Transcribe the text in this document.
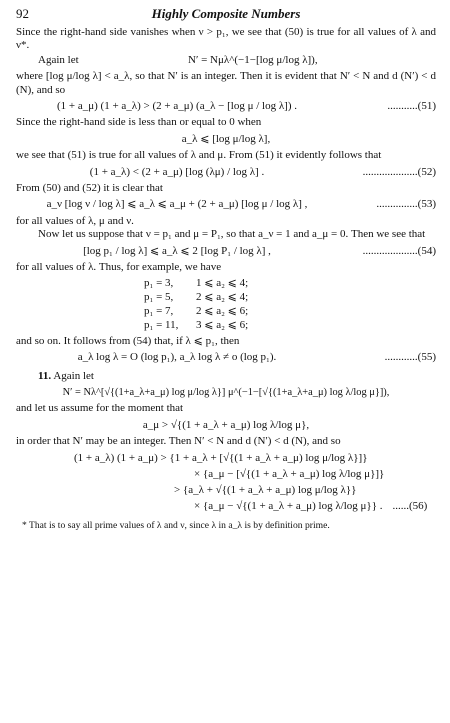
92	Highly Composite Numbers

Since the right-hand side vanishes when ν > p₁, we see that (50) is true for all values of λ and ν*.

Again let	N′ = Nμλ^(−1−[log μ/log λ]),

where [log μ/log λ] < a_λ, so that N′ is an integer. Then it is evident that N′ < N and d (N′) < d (N), and so

(1 + a_μ) (1 + a_λ) > (2 + a_μ) (a_λ − [log μ / log λ]) .	...........(51)

Since the right-hand side is less than or equal to 0 when

a_λ ⩽ [log μ/log λ],

we see that (51) is true for all values of λ and μ. From (51) it evidently follows that

(1 + a_λ) < (2 + a_μ) [log (λμ) / log λ] .	....................(52)

From (50) and (52) it is clear that

a_ν [log ν / log λ] ⩽ a_λ ⩽ a_μ + (2 + a_μ) [log μ / log λ] ,	...............(53)

for all values of λ, μ and ν.

Now let us suppose that ν = p₁ and μ = P₁, so that a_ν = 1 and a_μ = 0. Then we see that

[log p₁ / log λ] ⩽ a_λ ⩽ 2 [log P₁ / log λ] ,	....................(54)

for all values of λ. Thus, for example, we have

p₁ = 3,	1 ⩽ a₂ ⩽ 4;
p₁ = 5,	2 ⩽ a₂ ⩽ 4;
p₁ = 7,	2 ⩽ a₂ ⩽ 6;
p₁ = 11,	3 ⩽ a₂ ⩽ 6;

and so on. It follows from (54) that, if λ ⩽ p₁, then

a_λ log λ = O (log p₁), a_λ log λ ≠ o (log p₁).	............(55)

11. Again let

N′ = Nλ^[√{(1+a_λ+a_μ) log μ/log λ}] μ^(−1−[√{(1+a_λ+a_μ) log λ/log μ}]),

and let us assume for the moment that

a_μ > √{(1 + a_λ + a_μ) log λ/log μ},

in order that N′ may be an integer. Then N′ < N and d (N′) < d (N), and so

(1 + a_λ) (1 + a_μ) > {1 + a_λ + [√{(1 + a_λ + a_μ) log μ/log λ}]}
× {a_μ − [√{(1 + a_λ + a_μ) log λ/log μ}]}
> {a_λ + √{(1 + a_λ + a_μ) log μ/log λ}}
× {a_μ − √{(1 + a_λ + a_μ) log λ/log μ}} . ......(56)

* That is to say all prime values of λ and ν, since λ in a_λ is by definition prime.
